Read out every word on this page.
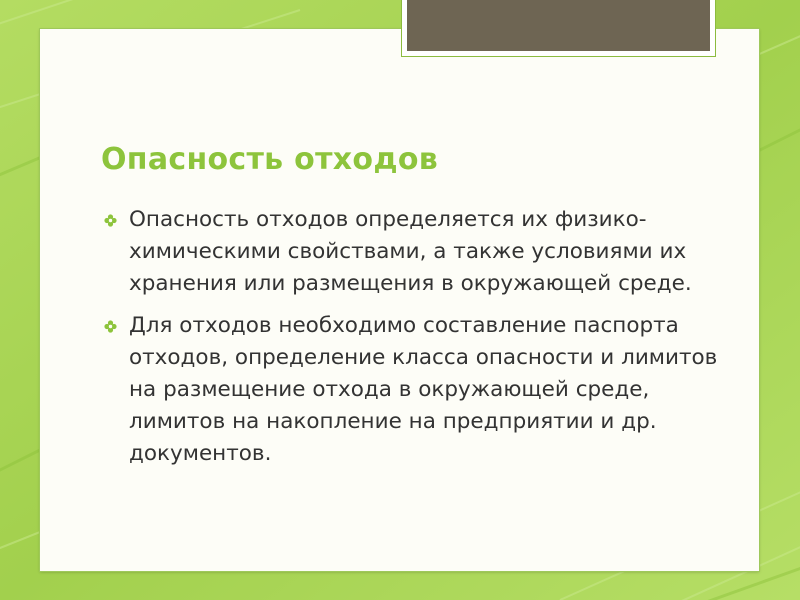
Опасность отходов
Опасность отходов определяется их физико-химическими свойствами, а также условиями их хранения или размещения в окружающей среде.
Для отходов необходимо составление паспорта отходов, определение класса опасности и лимитов на размещение отхода в окружающей среде, лимитов на накопление на предприятии и др. документов.
